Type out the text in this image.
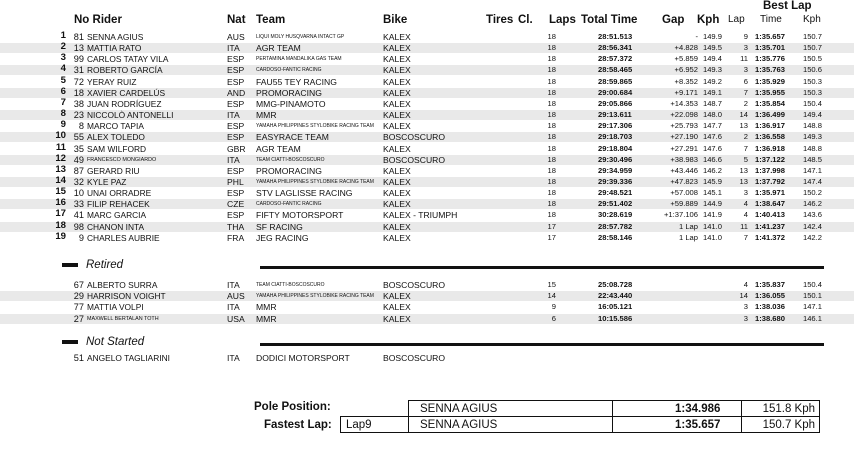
Best Lap
No Rider	Nat Team	Bike	Tires Cl. Laps Total Time Gap Kph Lap Time Kph
1 81 SENNA AGIUS	AUS LIQUI MOLY HUSQVARNA INTACT GP	KALEX	18	28:51.513	- 149.9	9 1:35.657	150.7
2 13 MATTIA RATO	ITA AGR TEAM	KALEX	18	28:56.341	+4.828 149.5	3 1:35.701	150.7
3 99 CARLOS TATAY VILA	ESP PERTAMINA MANDALIKA GAS TEAM	KALEX	18	28:57.372	+5.859 149.4	11 1:35.776	150.5
4 31 ROBERTO GARCÍA	ESP CARDOSO-FANTIC RACING	KALEX	18	28:58.465	+6.952 149.3	3 1:35.763	150.6
5 72 YERAY RUIZ	ESP FAU55 TEY RACING	KALEX	18	28:59.865	+8.352 149.2	6 1:35.929	150.3
6 18 XAVIER CARDELÚS	AND PROMORACING	KALEX	18	29:00.684	+9.171 149.1	7 1:35.955	150.3
7 38 JUAN RODRÍGUEZ	ESP MMG-PINAMOTO	KALEX	18	29:05.866	+14.353 148.7	2 1:35.854	150.4
8 23 NICCOLÒ ANTONELLI	ITA MMR	KALEX	18	29:13.611	+22.098 148.0	14 1:36.499	149.4
9	8 MARCO TAPIA	ESP YAMAHA PHILIPPINES STYLOBIKE RACING TEAM KALEX	18	29:17.306	+25.793 147.7	13 1:36.917	148.8
10 55 ALEX TOLEDO	ESP EASYRACE TEAM	BOSCOSCURO	18	29:18.703	+27.190 147.6	2 1:36.558	149.3
11 35 SAM WILFORD	GBR AGR TEAM	KALEX	18	29:18.804	+27.291 147.6	7 1:36.918	148.8
12 49 FRANCESCO MONGIARDO	ITA	TEAM CIATTI-BOSCOSCURO	BOSCOSCURO	18	29:30.496	+38.983 146.6	5 1:37.122	148.5
13 87 GERARD RIU	ESP PROMORACING	KALEX	18	29:34.959	+43.446 146.2	13 1:37.998	147.1
14 32 KYLE PAZ	PHL YAMAHA PHILIPPINES STYLOBIKE RACING TEAM KALEX	18	29:39.336	+47.823 145.9	13 1:37.792	147.4
15 10 UNAI ORRADRE	ESP STV LAGLISSE RACING	KALEX	18	29:48.521	+57.008 145.1	3 1:35.971	150.2
16 33 FILIP REHACEK	CZE CARDOSO-FANTIC RACING	KALEX	18	29:51.402	+59.889 144.9	4 1:38.647	146.2
17 41 MARC GARCIA	ESP FIFTY MOTORSPORT	KALEX - TRIUMPH	18	30:28.619	+1:37.106 141.9	4 1:40.413	143.6
18 98 CHANON INTA	THA SF RACING	KALEX	17	28:57.782	1 Lap 141.0	11 1:41.237	142.4
19	9 CHARLES AUBRIE	FRA JEG RACING	KALEX	17	28:58.146	1 Lap 141.0	7 1:41.372	142.2
Retired
67 ALBERTO SURRA	ITA	TEAM CIATTI-BOSCOSCURO	BOSCOSCURO	15	25:08.728	4 1:35.837	150.4
29 HARRISON VOIGHT	AUS YAMAHA PHILIPPINES STYLOBIKE RACING TEAM KALEX	14	22:43.440	14 1:36.055	150.1
77 MATTIA VOLPI	ITA MMR	KALEX	9	16:05.121	3 1:38.036	147.1
27 MAXWELL BERTALAN TOTH	USA MMR	KALEX	6	10:15.586	3 1:38.680	146.1
Not Started
51 ANGELO TAGLIARINI	ITA DODICI MOTORSPORT	BOSCOSCURO
Pole Position:
Fastest Lap: Lap9
SENNA AGIUS	1:34.986	151.8 Kph
SENNA AGIUS	1:35.657	150.7 Kph
